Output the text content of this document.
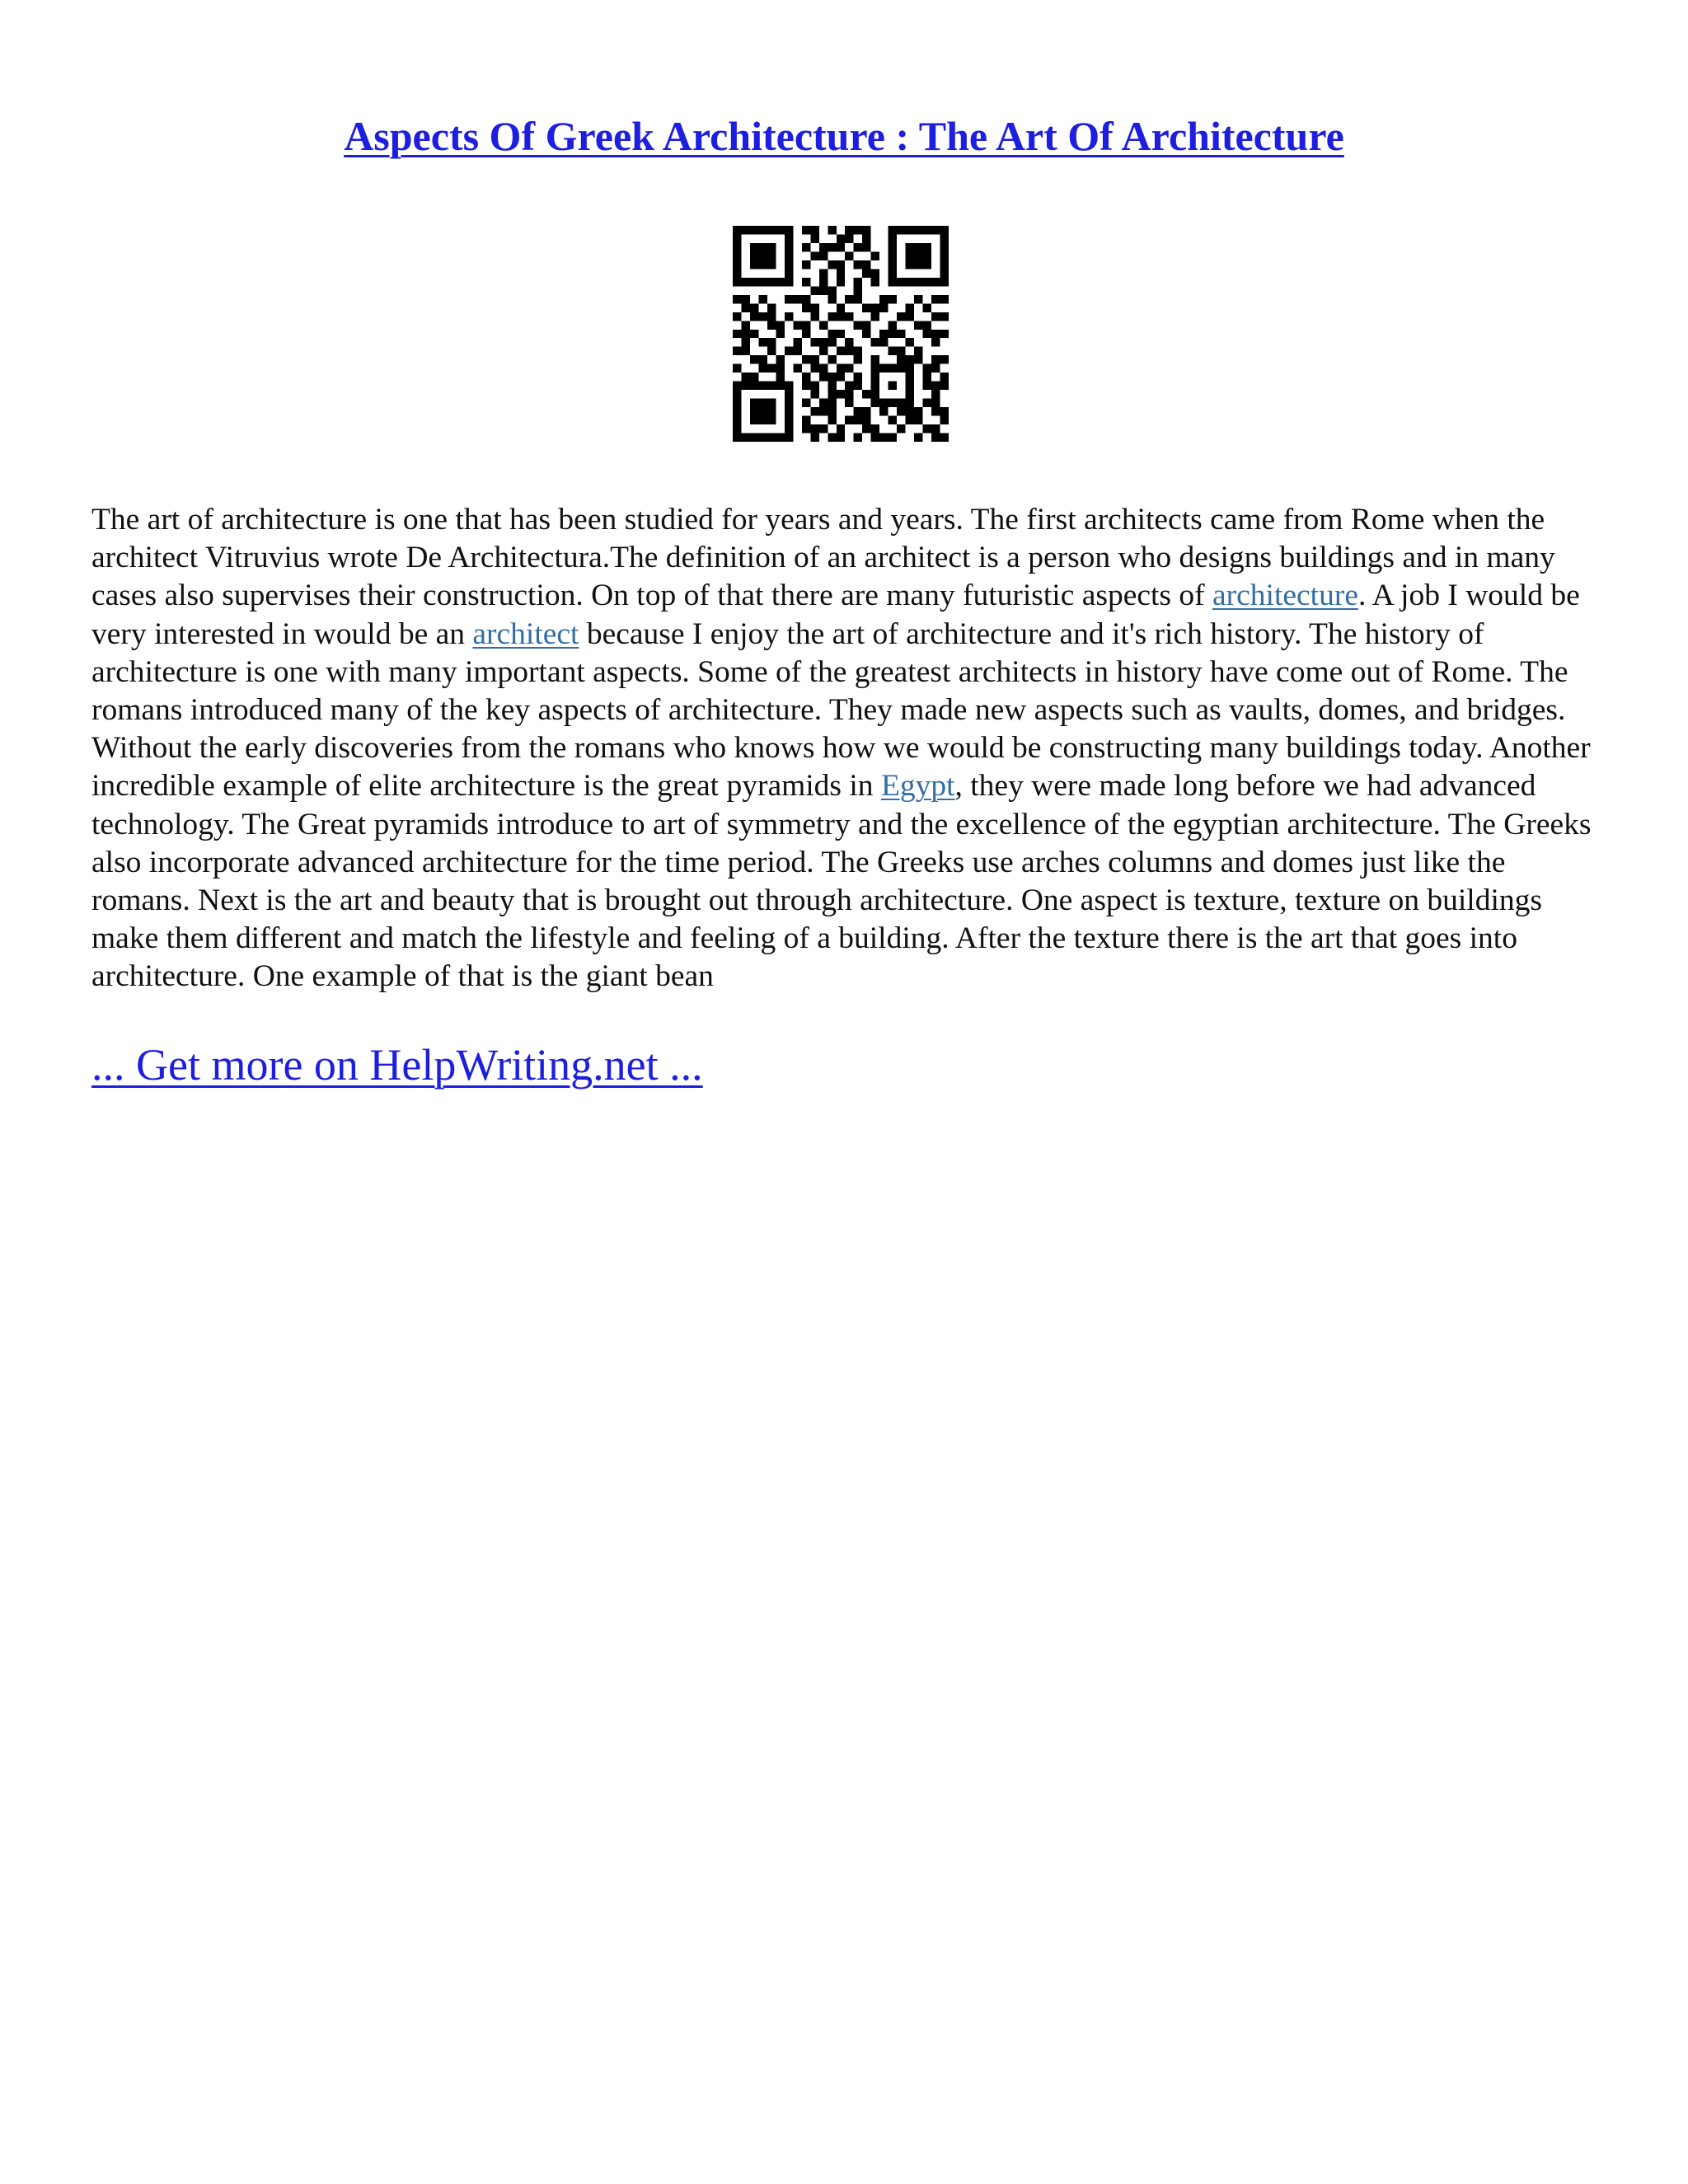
Aspects Of Greek Architecture : The Art Of Architecture

The art of architecture is one that has been studied for years and years. The first architects came from Rome when the architect Vitruvius wrote De Architectura.The definition of an architect is a person who designs buildings and in many cases also supervises their construction. On top of that there are many futuristic aspects of architecture. A job I would be very interested in would be an architect because I enjoy the art of architecture and it's rich history. The history of architecture is one with many important aspects. Some of the greatest architects in history have come out of Rome. The romans introduced many of the key aspects of architecture. They made new aspects such as vaults, domes, and bridges. Without the early discoveries from the romans who knows how we would be constructing many buildings today. Another incredible example of elite architecture is the great pyramids in Egypt, they were made long before we had advanced technology. The Great pyramids introduce to art of symmetry and the excellence of the egyptian architecture. The Greeks also incorporate advanced architecture for the time period. The Greeks use arches columns and domes just like the romans. Next is the art and beauty that is brought out through architecture. One aspect is texture, texture on buildings make them different and match the lifestyle and feeling of a building. After the texture there is the art that goes into architecture. One example of that is the giant bean

... Get more on HelpWriting.net ...
